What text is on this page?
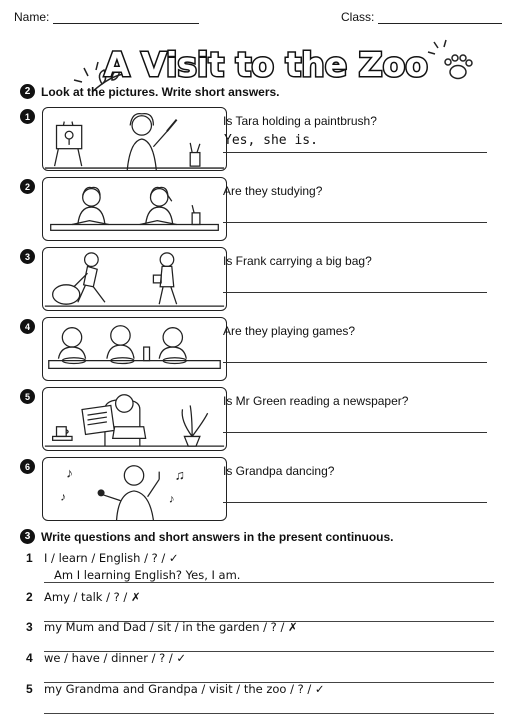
Name:	Class:
A Visit to the Zoo
2 Look at the pictures. Write short answers.
1	Is Tara holding a paintbrush?
Yes, she is.
2	Are they studying?
3	Is Frank carrying a big bag?
4	Are they playing games?
5	Is Mr Green reading a newspaper?
6	♪
♪
♫
♪
Is Grandpa dancing?
3 Write questions and short answers in the present continuous.
1 I / learn / English / ? / ✓
Am I learning English? Yes, I am.
2 Amy / talk / ? / ✗
3 my Mum and Dad / sit / in the garden / ? / ✗
4 we / have / dinner / ? / ✓
5 my Grandma and Grandpa / visit / the zoo / ? / ✓
